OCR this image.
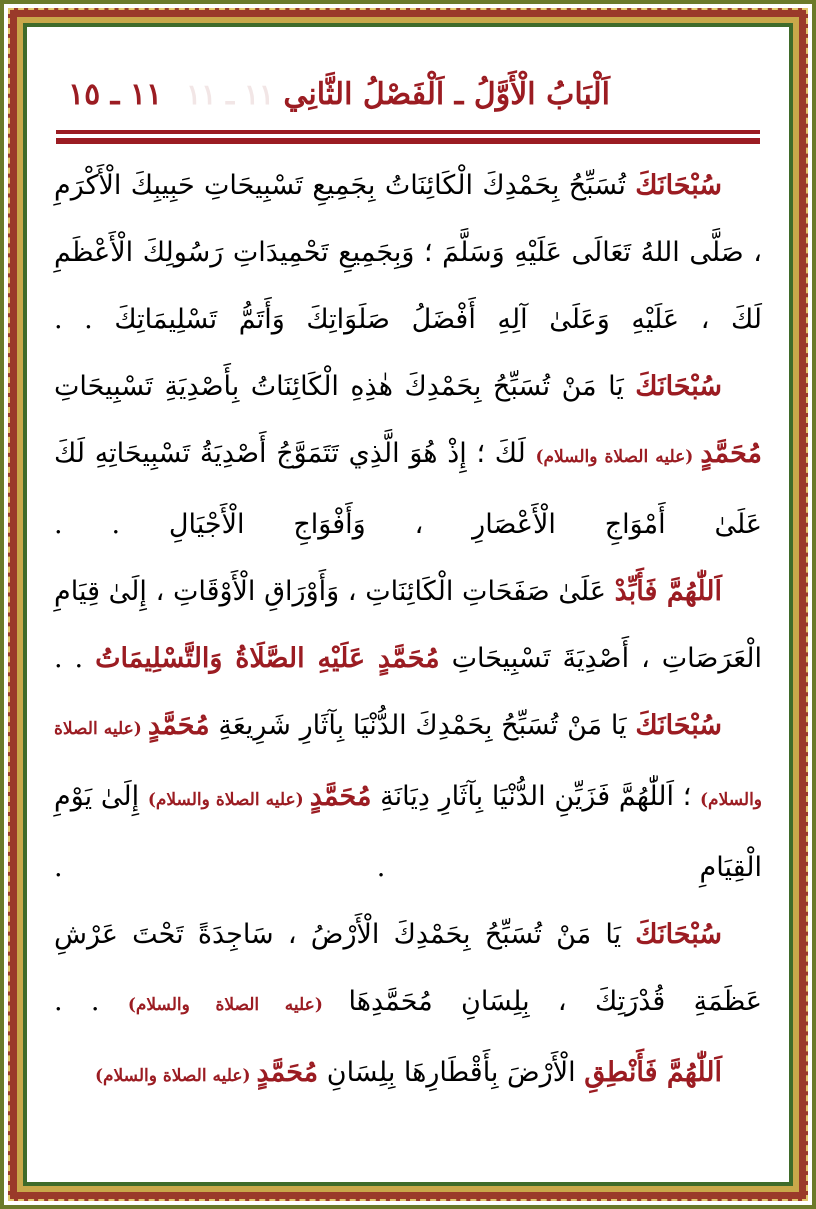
اَلْبَابُ الْأَوَّلُ ـ اَلْفَصْلُ الثَّانِي
١١ ـ ١١
١١ ـ ١٥

سُبْحَانَكَ تُسَبِّحُ بِحَمْدِكَ الْكَائِنَاتُ بِجَمِيعِ تَسْبِيحَاتِ حَبِيبِكَ الْأَكْرَمِ ، صَلَّى اللهُ تَعَالَى عَلَيْهِ وَسَلَّمَ ؛ وَبِجَمِيعِ تَحْمِيدَاتِ رَسُولِكَ الْأَعْظَمِ لَكَ ، عَلَيْهِ وَعَلَىٰ آلِهِ أَفْضَلُ صَلَوَاتِكَ وَأَتَمُّ تَسْلِيمَاتِكَ . .

سُبْحَانَكَ يَا مَنْ تُسَبِّحُ بِحَمْدِكَ هٰذِهِ الْكَائِنَاتُ بِأَصْدِيَةِ تَسْبِيحَاتِ مُحَمَّدٍ (عليه الصلاة والسلام) لَكَ ؛ إِذْ هُوَ الَّذِي تَتَمَوَّجُ أَصْدِيَةُ تَسْبِيحَاتِهِ لَكَ عَلَىٰ أَمْوَاجِ الْأَعْصَارِ ، وَأَفْوَاجِ الْأَجْيَالِ . .

اَللّٰهُمَّ فَأَبِّدْ عَلَىٰ صَفَحَاتِ الْكَائِنَاتِ ، وَأَوْرَاقِ الْأَوْقَاتِ ، إِلَىٰ قِيَامِ الْعَرَصَاتِ ، أَصْدِيَةَ تَسْبِيحَاتِ مُحَمَّدٍ عَلَيْهِ الصَّلَاةُ وَالتَّسْلِيمَاتُ . .

سُبْحَانَكَ يَا مَنْ تُسَبِّحُ بِحَمْدِكَ الدُّنْيَا بِآثَارِ شَرِيعَةِ مُحَمَّدٍ (عليه الصلاة والسلام) ؛ اَللّٰهُمَّ فَزَيِّنِ الدُّنْيَا بِآثَارِ دِيَانَةِ مُحَمَّدٍ (عليه الصلاة والسلام) إِلَىٰ يَوْمِ الْقِيَامِ . .

سُبْحَانَكَ يَا مَنْ تُسَبِّحُ بِحَمْدِكَ الْأَرْضُ ، سَاجِدَةً تَحْتَ عَرْشِ عَظَمَةِ قُدْرَتِكَ ، بِلِسَانِ مُحَمَّدِهَا (عليه الصلاة والسلام) . .

اَللّٰهُمَّ فَأَنْطِقِ الْأَرْضَ بِأَقْطَارِهَا بِلِسَانِ مُحَمَّدٍ (عليه الصلاة والسلام)
